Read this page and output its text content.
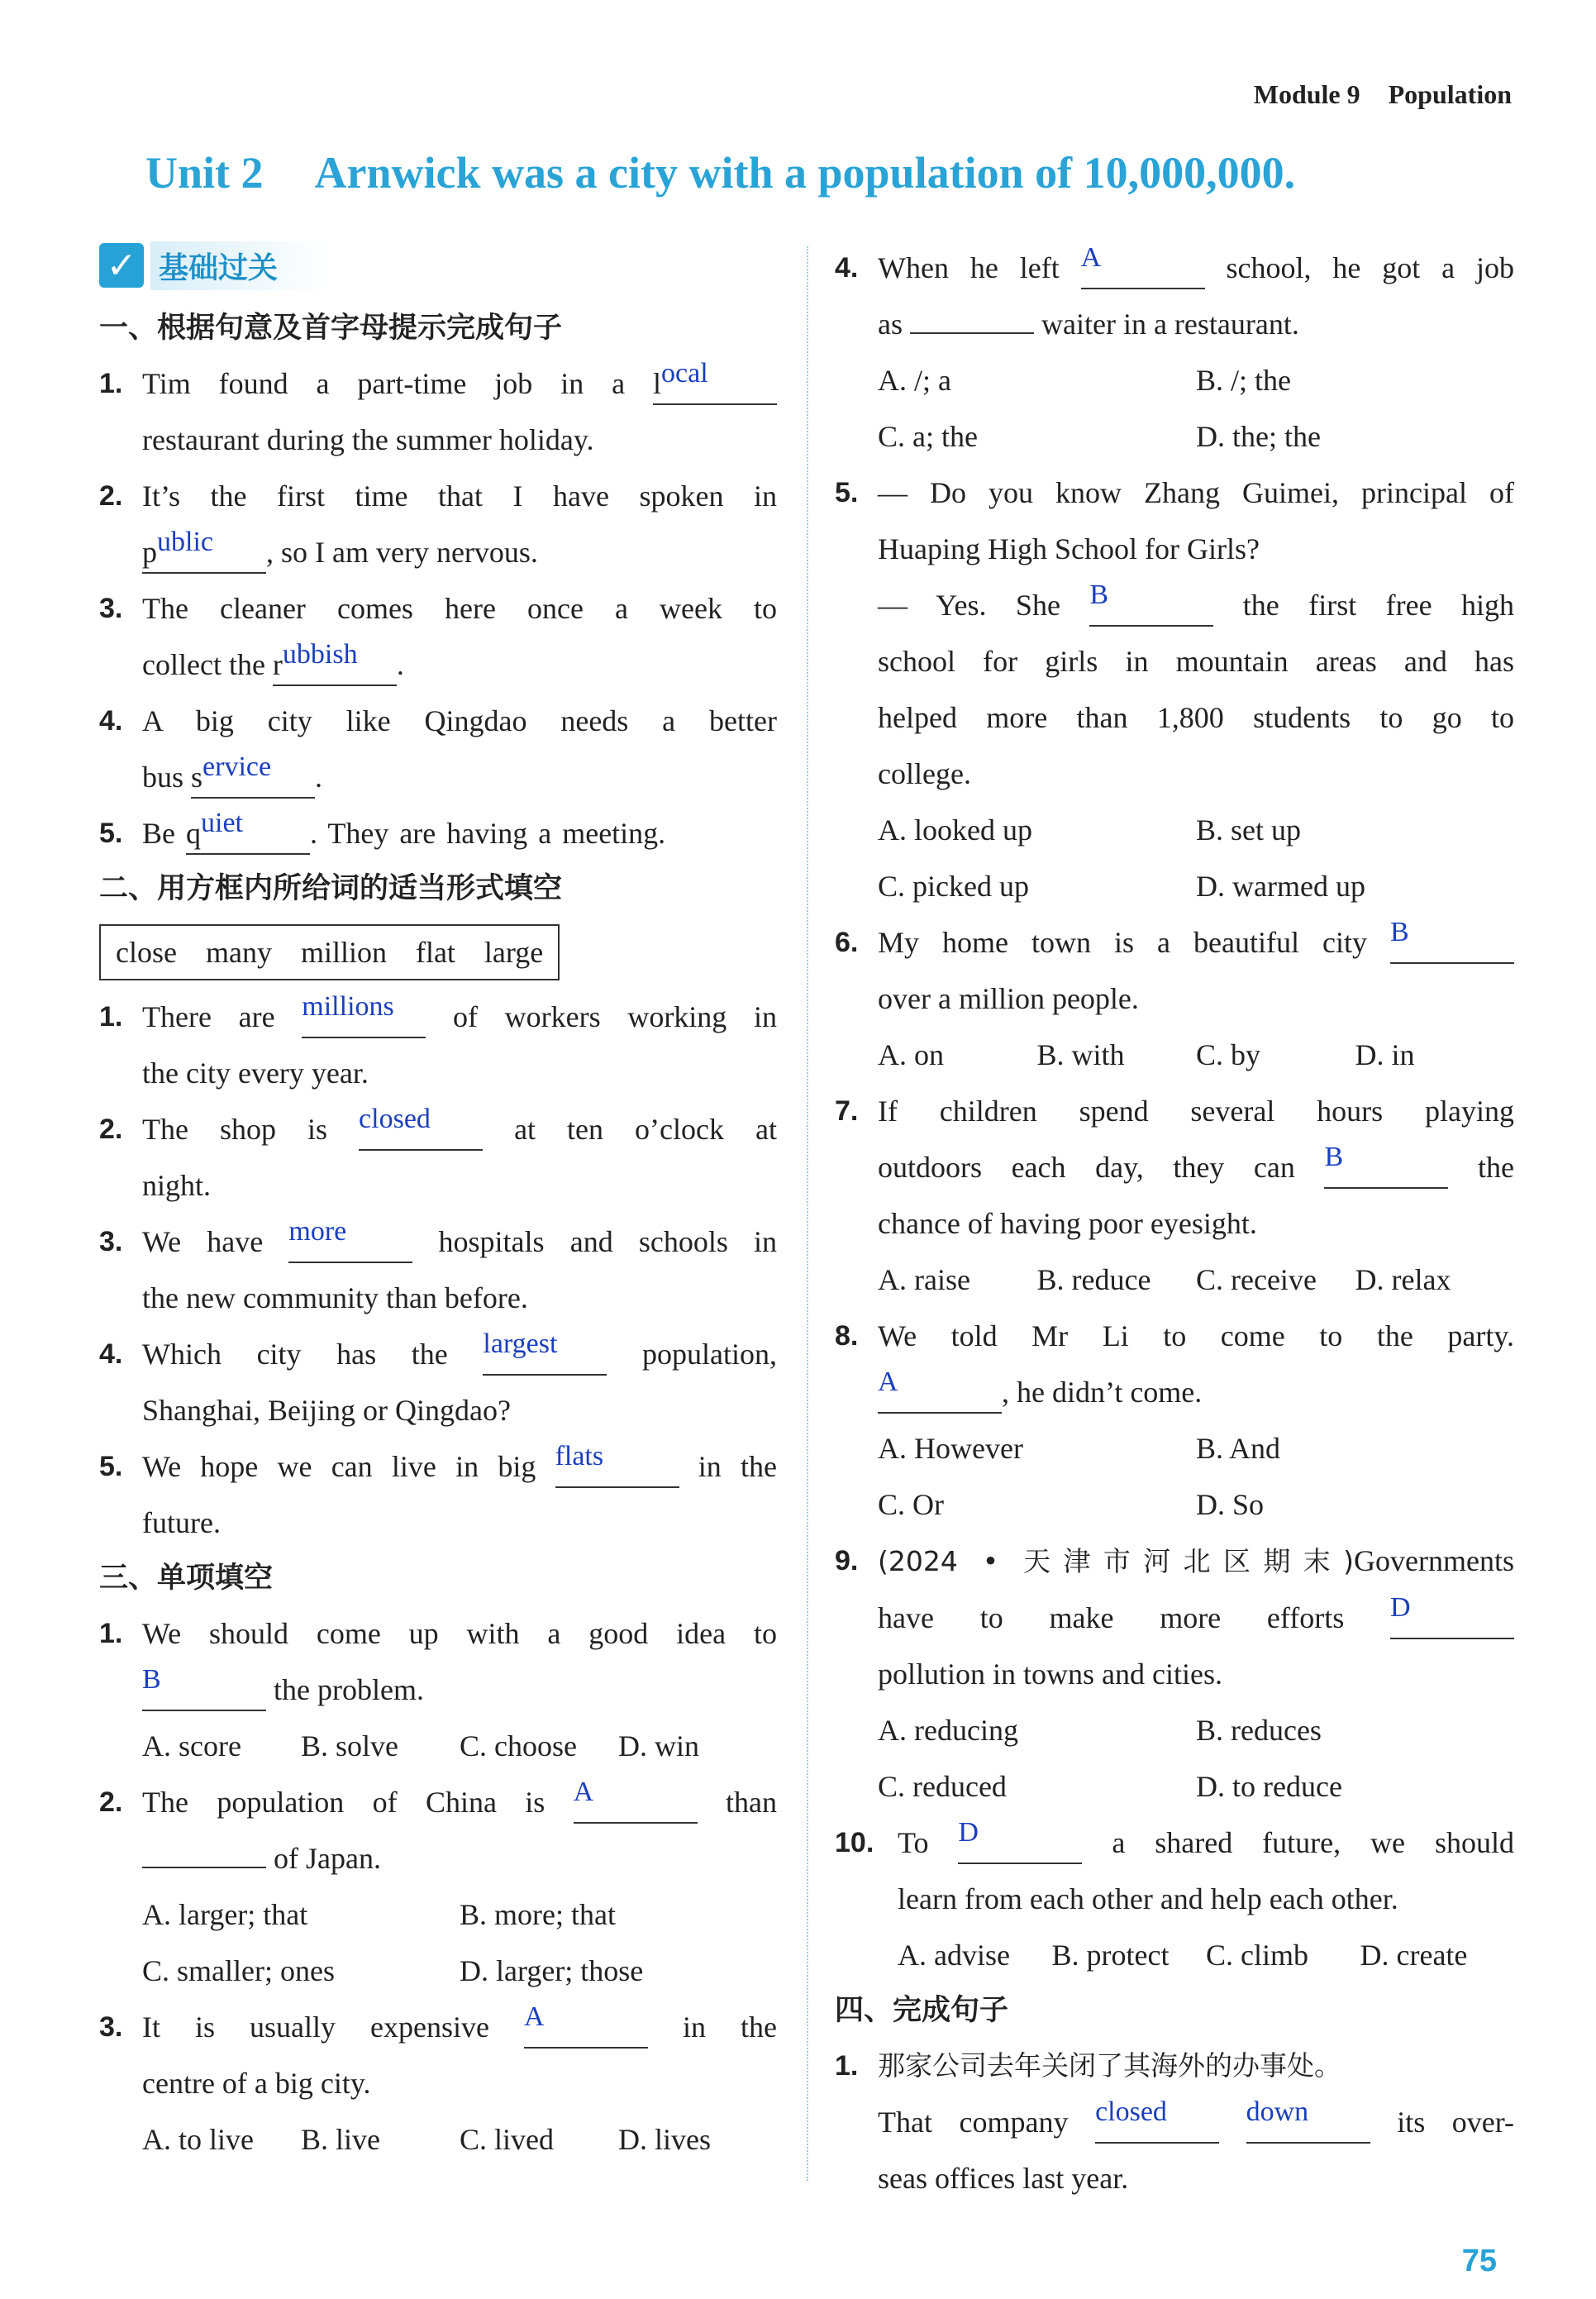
Module 9 Population
Unit 2 Arnwick was a city with a population of 10,000,000.
✓ 基础过关
一、根据句意及首字母提示完成句子
1. Tim found a part-time job in a local
restaurant during the summer holiday.
2. It’s the first time that I have spoken in
public , so I am very nervous.
3. The cleaner comes here once a week to
collect the rubbish .
4. A big city like Qingdao needs a better
bus service .
5. Be quiet . They are having a meeting.
二、用方框内所给词的适当形式填空
close many million flat large
1. There are millions of workers working in
the city every year.
2. The shop is closed	at ten o’clock at
night.
3. We have more	hospitals and schools in
the new community than before.
4. Which city has the largest	population,
Shanghai, Beijing or Qingdao?
5. We hope we can live in big flats	in the
future.
三、单项填空
1. We should come up with a good idea to
B	the problem.
A. score	B. solve	C. choose	D. win
2. The population of China is A	than
of Japan.
A. larger; that	B. more; that
C. smaller; ones	D. larger; those
3. It is usually expensive A	in the
centre of a big city.
A. to live	B. live	C. lived	D. lives
4. When he left A	school, he got a job
as	waiter in a restaurant.
A. /; a	B. /; the
C. a; the	D. the; the
5. — Do you know Zhang Guimei, principal of
Huaping High School for Girls?
— Yes. She B	the first free high
school for girls in mountain areas and has
helped more than 1,800 students to go to
college.
A. looked up	B. set up
C. picked up	D. warmed up
6. My home town is a beautiful city B
over a million people.
A. on	B. with	C. by	D. in
7. If children spend several hours playing
outdoors each day, they can B	the
chance of having poor eyesight.
A. raise	B. reduce	C. receive	D. relax
8. We told Mr Li to come to the party.
A	, he didn’t come.
A. However	B. And
C. Or	D. So
9. (2024 • 天津市河北区期末)Governments
have to make more efforts D
pollution in towns and cities.
A. reducing	B. reduces
C. reduced	D. to reduce
10. To D	a shared future, we should
learn from each other and help each other.
A. advise	B. protect	C. climb	D. create
四、完成句子
1. 那家公司去年关闭了其海外的办事处。
That company closed	down	its over-
seas offices last year.
75
